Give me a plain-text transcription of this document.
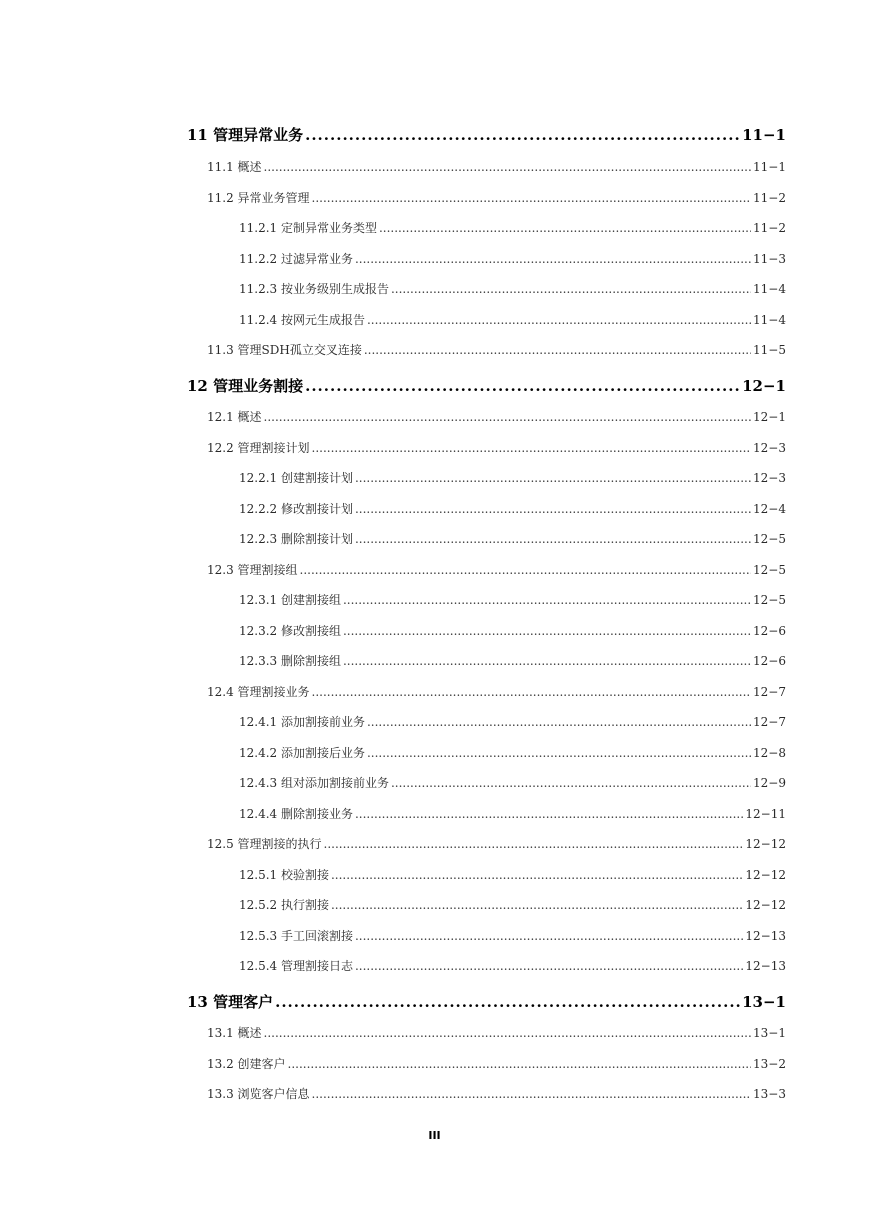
11 管理异常业务 .....	11−1
11.1 概述 .....	11−1
11.2 异常业务管理 .....	11−2
11.2.1 定制异常业务类型 .....	11−2
11.2.2 过滤异常业务 .....	11−3
11.2.3 按业务级别生成报告 .....	11−4
11.2.4 按网元生成报告 .....	11−4
11.3 管理SDH孤立交叉连接 .....	11−5
12 管理业务割接 .....	12−1
12.1 概述 .....	12−1
12.2 管理割接计划 .....	12−3
12.2.1 创建割接计划 .....	12−3
12.2.2 修改割接计划 .....	12−4
12.2.3 删除割接计划 .....	12−5
12.3 管理割接组 .....	12−5
12.3.1 创建割接组 .....	12−5
12.3.2 修改割接组 .....	12−6
12.3.3 删除割接组 .....	12−6
12.4 管理割接业务 .....	12−7
12.4.1 添加割接前业务 .....	12−7
12.4.2 添加割接后业务 .....	12−8
12.4.3 组对添加割接前业务 .....	12−9
12.4.4 删除割接业务 .....	12−11
12.5 管理割接的执行 .....	12−12
12.5.1 校验割接 .....	12−12
12.5.2 执行割接 .....	12−12
12.5.3 手工回滚割接 .....	12−13
12.5.4 管理割接日志 .....	12−13
13 管理客户 .....	13−1
13.1 概述 .....	13−1
13.2 创建客户 .....	13−2
13.3 浏览客户信息 .....	13−3
III
